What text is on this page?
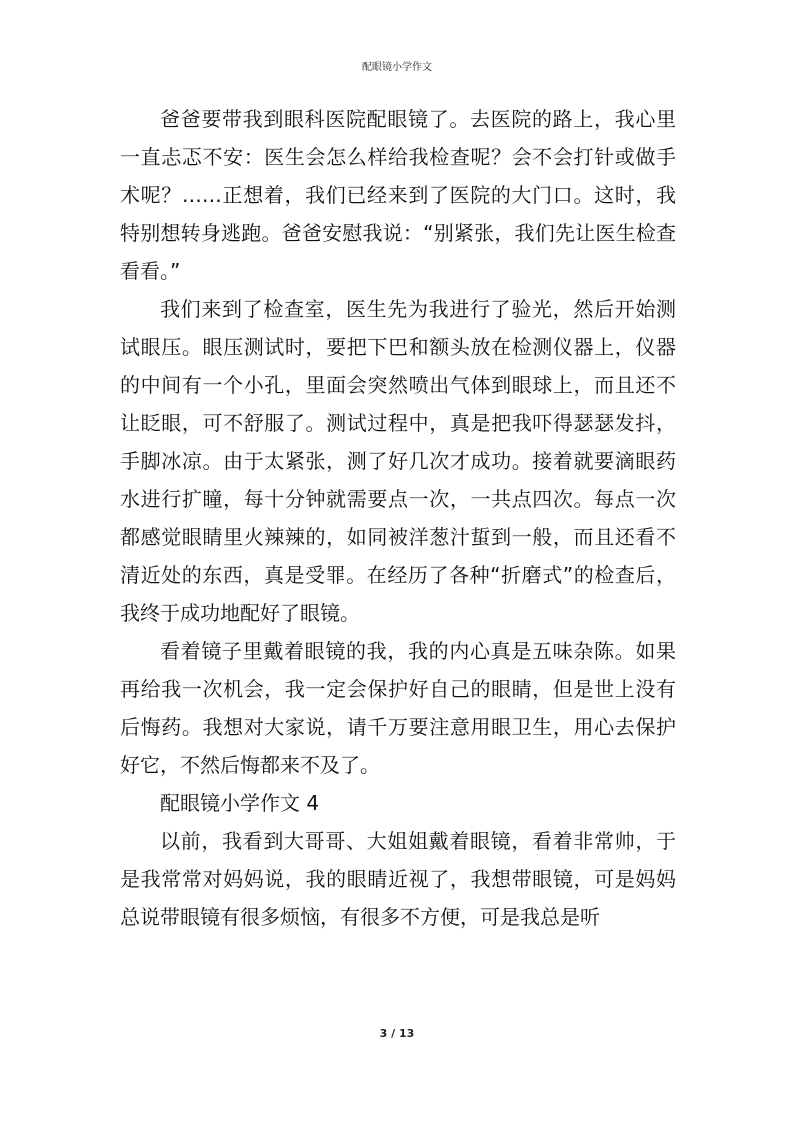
配眼镜小学作文

爸爸要带我到眼科医院配眼镜了。去医院的路上，我心里一直忐忑不安：医生会怎么样给我检查呢？会不会打针或做手术呢？……正想着，我们已经来到了医院的大门口。这时，我特别想转身逃跑。爸爸安慰我说：“别紧张，我们先让医生检查看看。”

我们来到了检查室，医生先为我进行了验光，然后开始测试眼压。眼压测试时，要把下巴和额头放在检测仪器上，仪器的中间有一个小孔，里面会突然喷出气体到眼球上，而且还不让眨眼，可不舒服了。测试过程中，真是把我吓得瑟瑟发抖，手脚冰凉。由于太紧张，测了好几次才成功。接着就要滴眼药水进行扩瞳，每十分钟就需要点一次，一共点四次。每点一次都感觉眼睛里火辣辣的，如同被洋葱汁蜇到一般，而且还看不清近处的东西，真是受罪。在经历了各种“折磨式”的检查后，我终于成功地配好了眼镜。

看着镜子里戴着眼镜的我，我的内心真是五味杂陈。如果再给我一次机会，我一定会保护好自己的眼睛，但是世上没有后悔药。我想对大家说，请千万要注意用眼卫生，用心去保护好它，不然后悔都来不及了。

配眼镜小学作文 4

以前，我看到大哥哥、大姐姐戴着眼镜，看着非常帅，于是我常常对妈妈说，我的眼睛近视了，我想带眼镜，可是妈妈总说带眼镜有很多烦恼，有很多不方便，可是我总是听

3 / 13
